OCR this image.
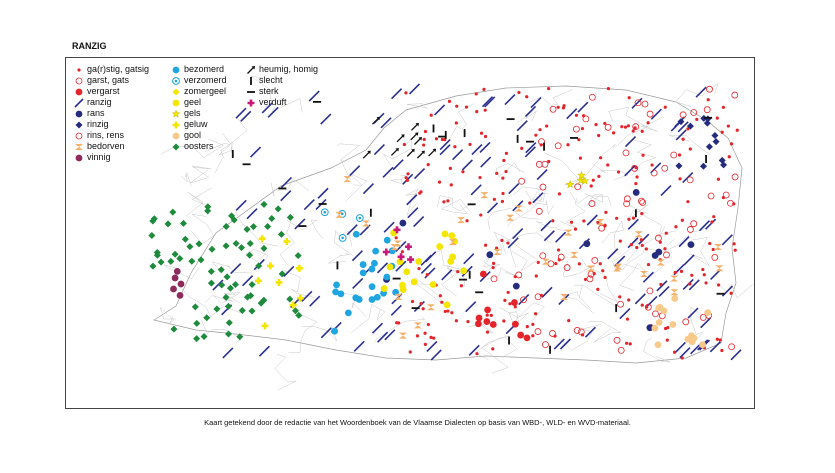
RANZIG
ga(r)stig, gatsig
garst, gats
vergarst
ranzig
rans
rinzig
rins, rens
bedorven
vinnig
bezomerd
verzomerd
zomergeel
geel
gels
geluw
gool
oosters
heumig, homig
slecht
sterk
verduft
Kaart getekend door de redactie van het Woordenboek van de Vlaamse Dialecten op basis van WBD-, WLD- en WVD-materiaal.
